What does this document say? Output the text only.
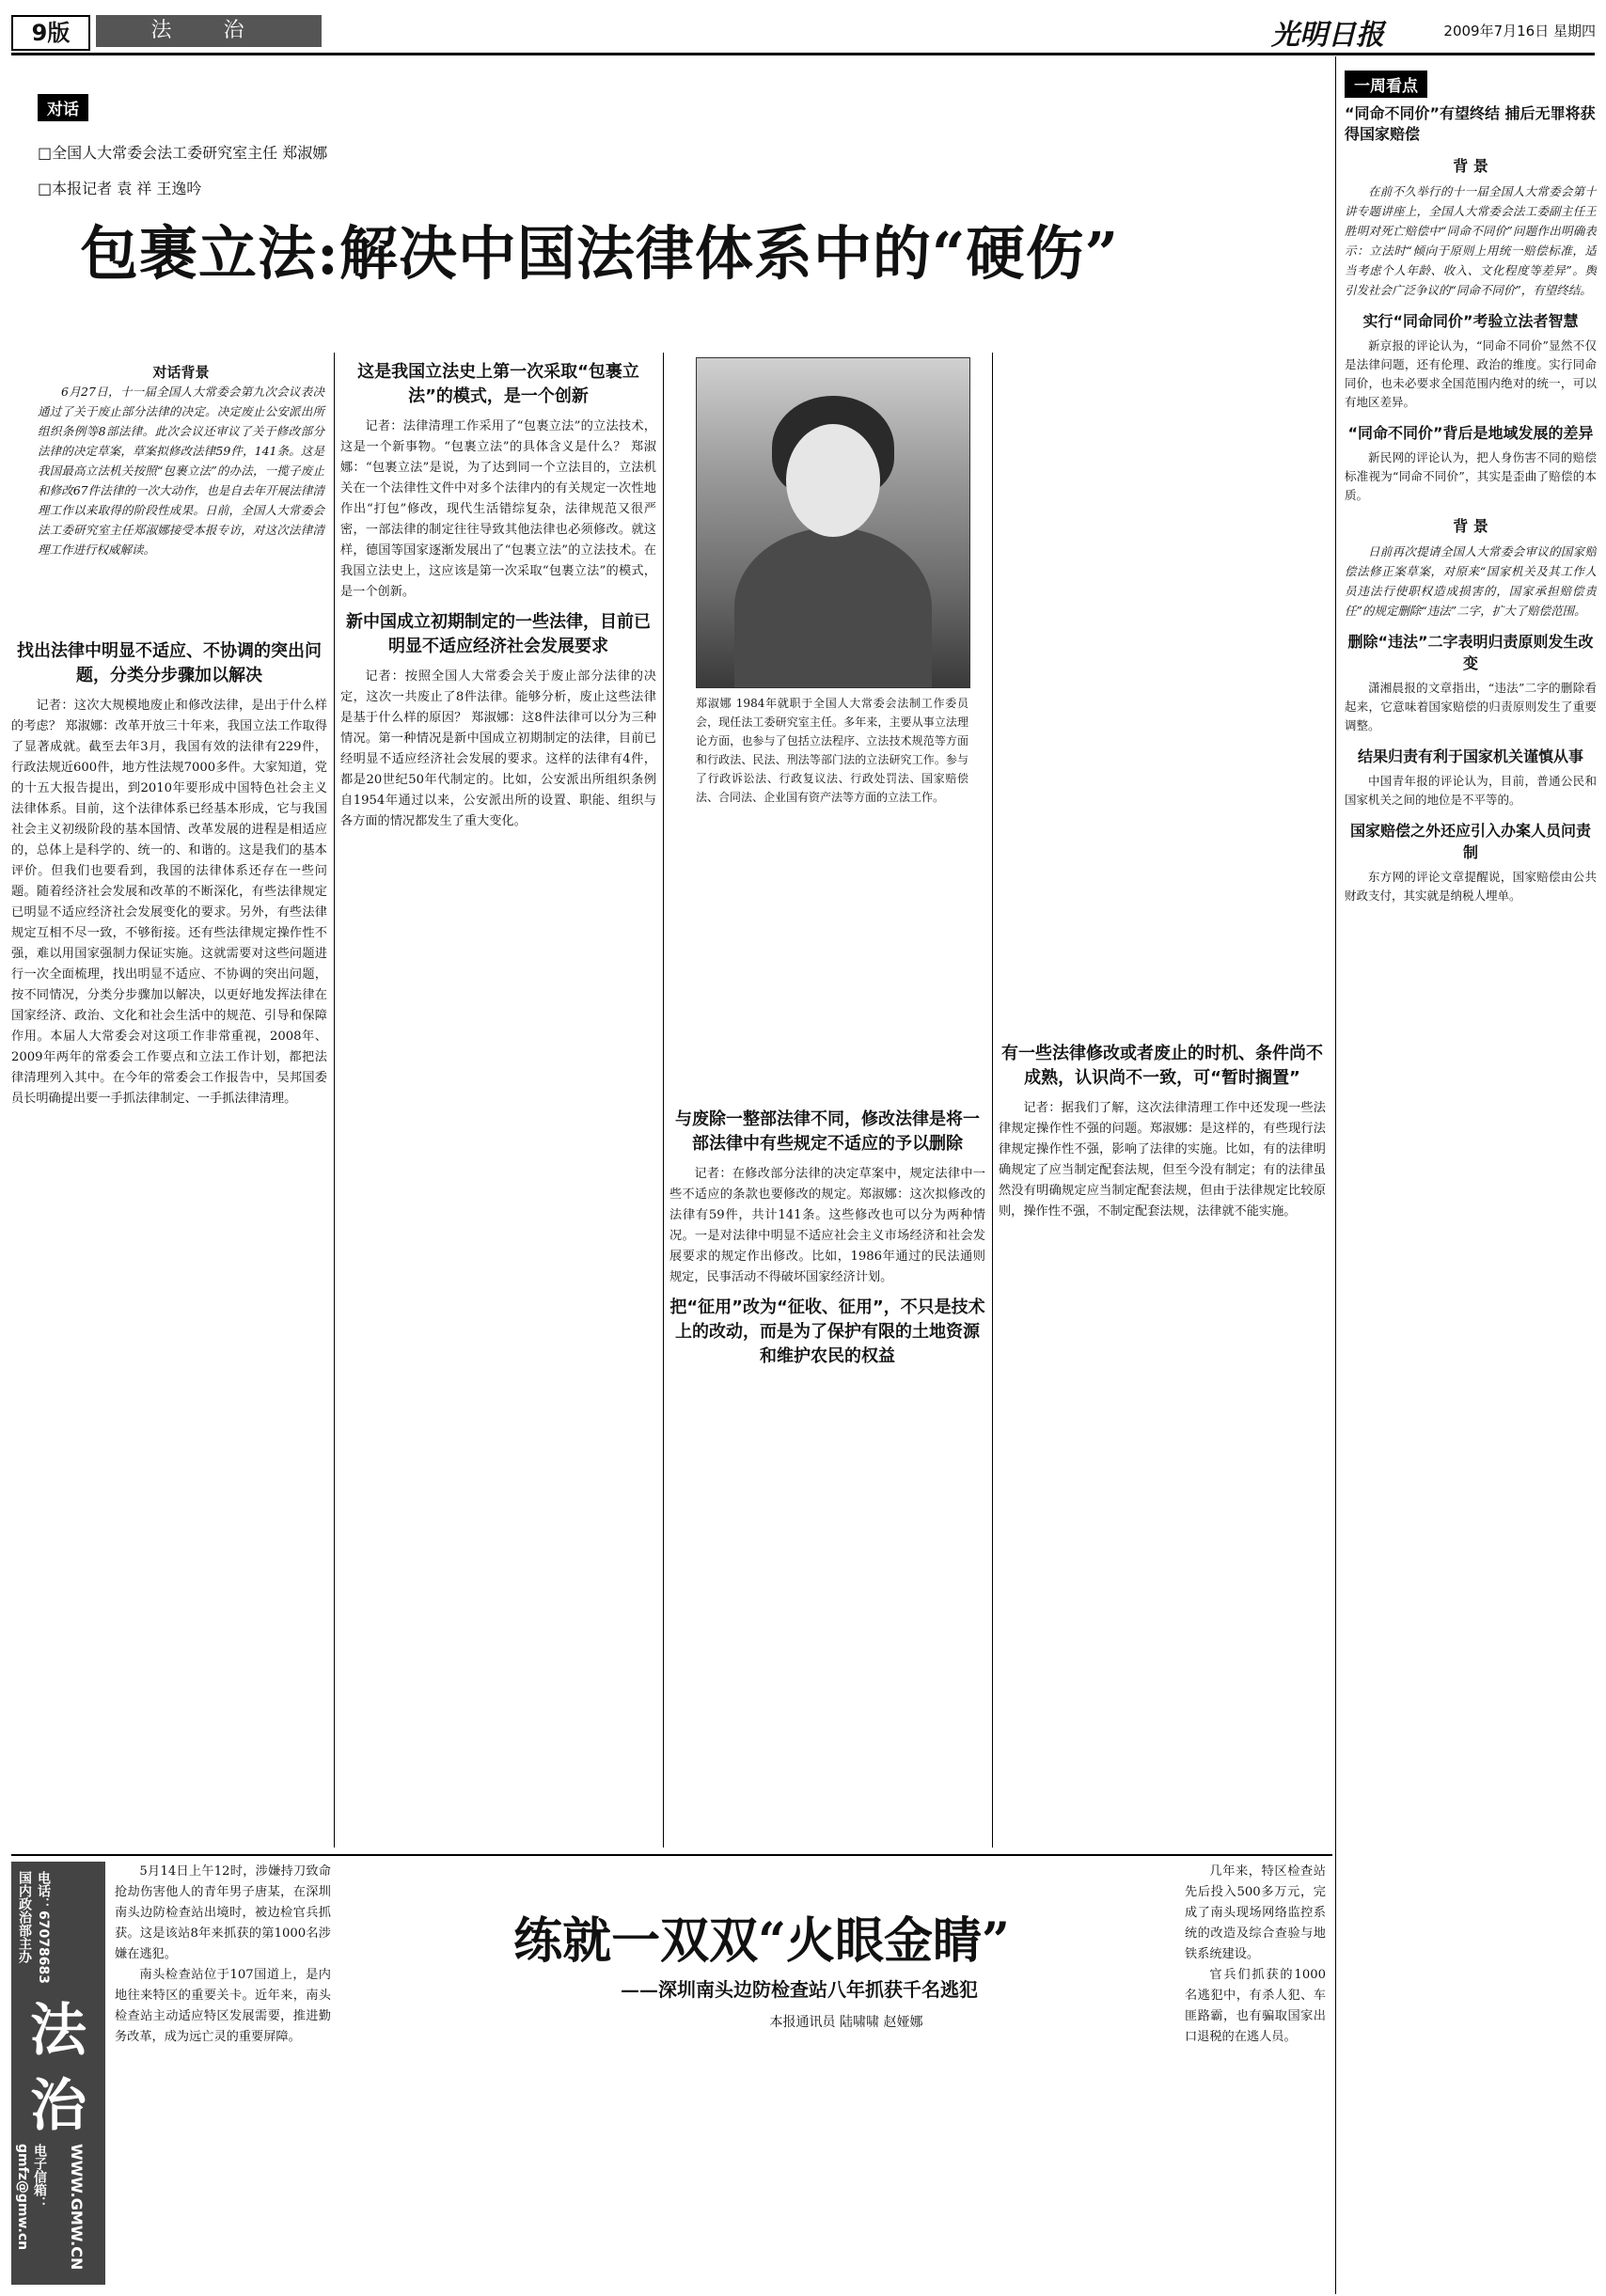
9版	法 治	光明日报	2009年7月16日 星期四
对话
□全国人大常委会法工委研究室主任 郑淑娜
□本报记者 袁 祥 王逸吟
包裹立法:解决中国法律体系中的“硬伤”
对话背景
6月27日，十一届全国人大常委会第九次会议表决通过了关于废止部分法律的决定。决定废止公安派出所组织条例等8部法律。此次会议还审议了关于修改部分法律的决定草案，草案拟修改法律59件，141条。这是我国最高立法机关按照“包裹立法”的办法，一揽子废止和修改67件法律的一次大动作，也是自去年开展法律清理工作以来取得的阶段性成果。日前，全国人大常委会法工委研究室主任郑淑娜接受本报专访，对这次法律清理工作进行权威解读。
找出法律中明显不适应、不协调的突出问题，分类分步骤加以解决

记者：这次大规模地废止和修改法律，是出于什么样的考虑？ 郑淑娜：改革开放三十年来，我国立法工作取得了显著成就。截至去年3月，我国有效的法律有229件，行政法规近600件，地方性法规7000多件。大家知道，党的十五大报告提出，到2010年要形成中国特色社会主义法律体系。目前，这个法律体系已经基本形成，它与我国社会主义初级阶段的基本国情、改革发展的进程是相适应的，总体上是科学的、统一的、和谐的。这是我们的基本评价。但我们也要看到，我国的法律体系还存在一些问题。随着经济社会发展和改革的不断深化，有些法律规定已明显不适应经济社会发展变化的要求。另外，有些法律规定互相不尽一致，不够衔接。还有些法律规定操作性不强，难以用国家强制力保证实施。这就需要对这些问题进行一次全面梳理，找出明显不适应、不协调的突出问题，按不同情况，分类分步骤加以解决，以更好地发挥法律在国家经济、政治、文化和社会生活中的规范、引导和保障作用。本届人大常委会对这项工作非常重视，2008年、2009年两年的常委会工作要点和立法工作计划，都把法律清理列入其中。在今年的常委会工作报告中，吴邦国委员长明确提出要一手抓法律制定、一手抓法律清理。

这是我国立法史上第一次采取“包裹立法”的模式，是一个创新

记者：法律清理工作采用了“包裹立法”的立法技术，这是一个新事物。“包裹立法”的具体含义是什么？ 郑淑娜：“包裹立法”是说，为了达到同一个立法目的，立法机关在一个法律性文件中对多个法律内的有关规定一次性地作出“打包”修改，现代生活错综复杂，法律规范又很严密，一部法律的制定往往导致其他法律也必须修改。就这样，德国等国家逐渐发展出了“包裹立法”的立法技术。在我国立法史上，这应该是第一次采取“包裹立法”的模式，是一个创新。

新中国成立初期制定的一些法律，目前已明显不适应经济社会发展要求

记者：按照全国人大常委会关于废止部分法律的决定，这次一共废止了8件法律。能够分析，废止这些法律是基于什么样的原因？ 郑淑娜：这8件法律可以分为三种情况。第一种情况是新中国成立初期制定的法律，目前已经明显不适应经济社会发展的要求。这样的法律有4件，都是20世纪50年代制定的。比如，公安派出所组织条例自1954年通过以来，公安派出所的设置、职能、组织与各方面的情况都发生了重大变化。

郑淑娜 1984年就职于全国人大常委会法制工作委员会，现任法工委研究室主任。多年来，主要从事立法理论方面，也参与了包括立法程序、立法技术规范等方面和行政法、民法、刑法等部门法的立法研究工作。参与了行政诉讼法、行政复议法、行政处罚法、国家赔偿法、合同法、企业国有资产法等方面的立法工作。
与废除一整部法律不同，修改法律是将一部法律中有些规定不适应的予以删除

记者：在修改部分法律的决定草案中，规定法律中一些不适应的条款也要修改的规定。郑淑娜：这次拟修改的法律有59件，共计141条。这些修改也可以分为两种情况。一是对法律中明显不适应社会主义市场经济和社会发展要求的规定作出修改。比如，1986年通过的民法通则规定，民事活动不得破坏国家经济计划。

把“征用”改为“征收、征用”，不只是技术上的改动，而是为了保护有限的土地资源和维护农民的权益
有一些法律修改或者废止的时机、条件尚不成熟，认识尚不一致，可“暂时搁置”

记者：据我们了解，这次法律清理工作中还发现一些法律规定操作性不强的问题。郑淑娜：是这样的，有些现行法律规定操作性不强，影响了法律的实施。比如，有的法律明确规定了应当制定配套法规，但至今没有制定；有的法律虽然没有明确规定应当制定配套法规，但由于法律规定比较原则，操作性不强，不制定配套法规，法律就不能实施。

一周看点
“同命不同价”有望终结 捕后无罪将获得国家赔偿
背 景
在前不久举行的十一届全国人大常委会第十讲专题讲座上，全国人大常委会法工委副主任王胜明对死亡赔偿中“同命不同价”问题作出明确表示：立法时“倾向于原则上用统一赔偿标准，适当考虑个人年龄、收入、文化程度等差异”。舆引发社会广泛争议的“同命不同价”，有望终结。
实行“同命同价”考验立法者智慧
新京报的评论认为，“同命不同价”显然不仅是法律问题，还有伦理、政治的维度。实行同命同价，也未必要求全国范围内绝对的统一，可以有地区差异。
“同命不同价”背后是地域发展的差异
新民网的评论认为，把人身伤害不同的赔偿标准视为“同命不同价”，其实是歪曲了赔偿的本质。
背 景
日前再次提请全国人大常委会审议的国家赔偿法修正案草案，对原来“国家机关及其工作人员违法行使职权造成损害的，国家承担赔偿责任”的规定删除“违法”二字，扩大了赔偿范围。
删除“违法”二字表明归责原则发生改变
潇湘晨报的文章指出，“违法”二字的删除看起来，它意味着国家赔偿的归责原则发生了重要调整。
结果归责有利于国家机关谨慎从事
中国青年报的评论认为，目前，普通公民和国家机关之间的地位是不平等的。
国家赔偿之外还应引入办案人员问责制
东方网的评论文章提醒说，国家赔偿由公共财政支付，其实就是纳税人埋单。
国内政治部主办 电话：67078683
法治
电子信箱：gmfz@gmw.cn	WWW.GMW.CN

5月14日上午12时，涉嫌持刀致命抢劫伤害他人的青年男子唐某，在深圳南头边防检查站出境时，被边检官兵抓获。这是该站8年来抓获的第1000名涉嫌在逃犯。

南头检查站位于107国道上，是内地往来特区的重要关卡。近年来，南头检查站主动适应特区发展需要，推进勤务改革，成为远亡灵的重要屏障。

练就一双双“火眼金睛”
——深圳南头边防检查站八年抓获千名逃犯
本报通讯员 陆啸啸 赵娅娜

几年来，特区检查站先后投入500多万元，完成了南头现场网络监控系统的改造及综合查验与地铁系统建设。

官兵们抓获的1000名逃犯中，有杀人犯、车匪路霸，也有骗取国家出口退税的在逃人员。
